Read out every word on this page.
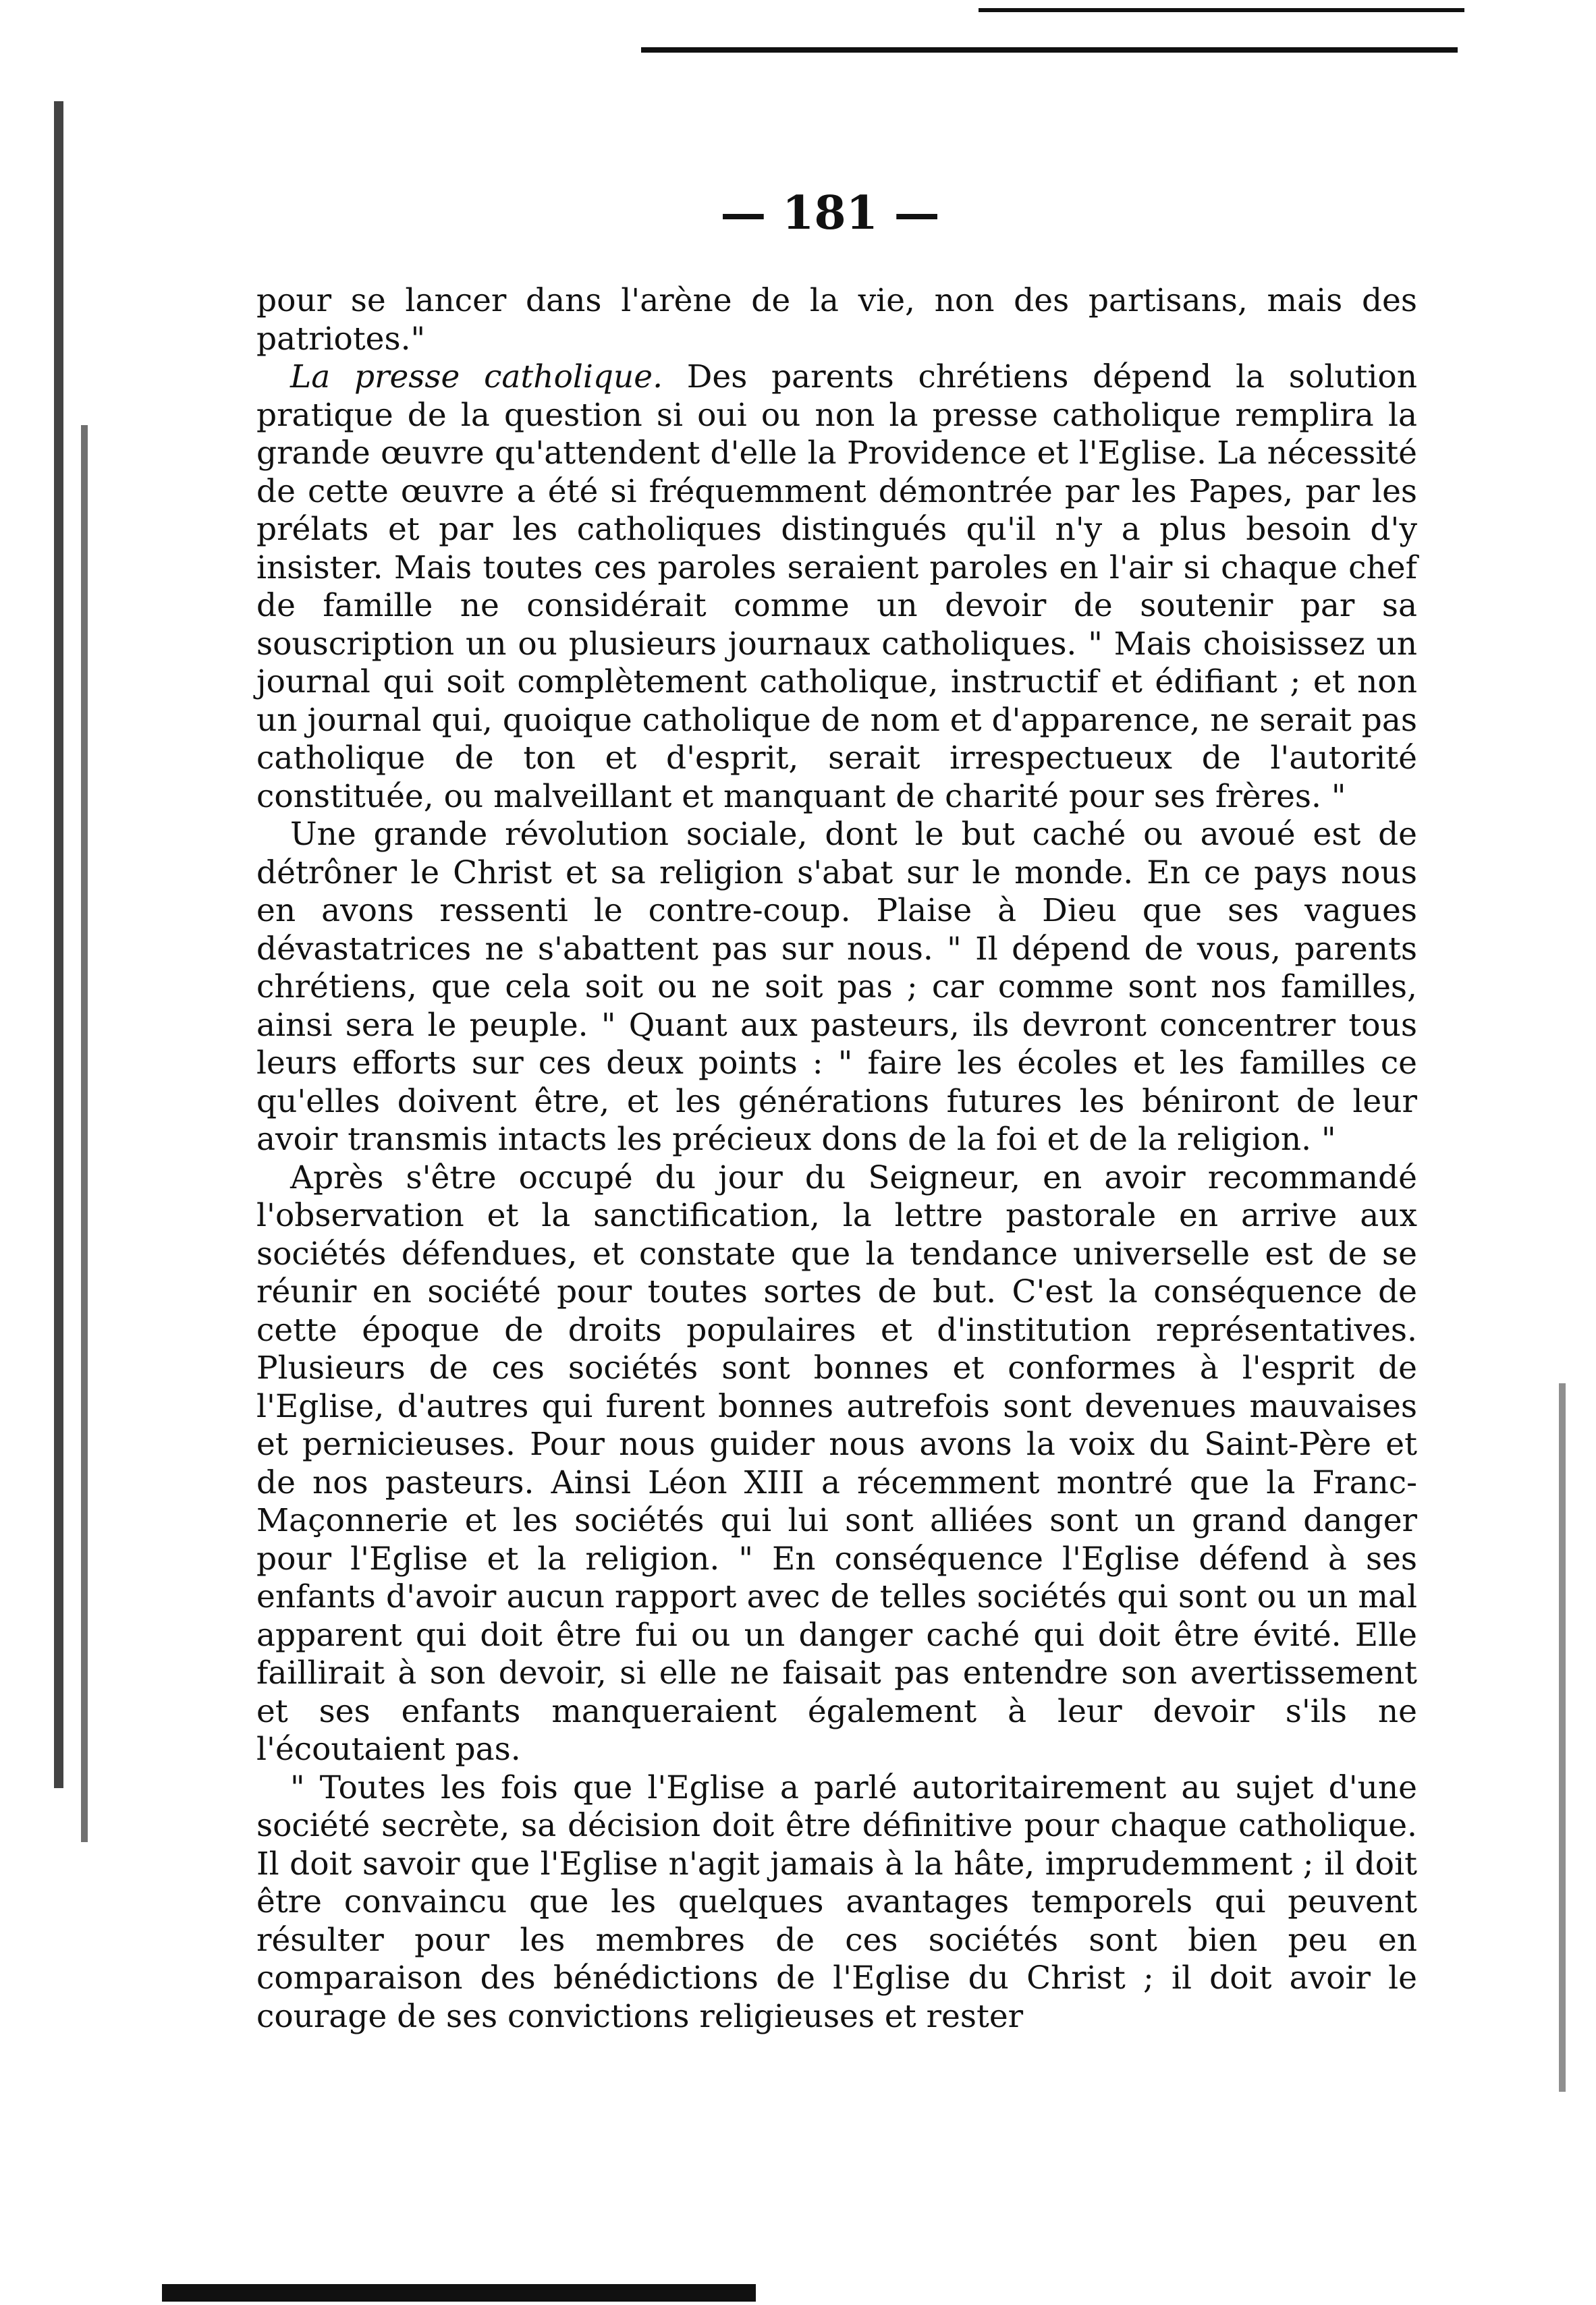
— 181 —

pour se lancer dans l'arène de la vie, non des partisans, mais des patriotes."

La presse catholique. Des parents chrétiens dépend la solution pratique de la question si oui ou non la presse catholique remplira la grande œuvre qu'attendent d'elle la Providence et l'Eglise. La nécessité de cette œuvre a été si fréquemment démontrée par les Papes, par les prélats et par les catholiques distingués qu'il n'y a plus besoin d'y insister. Mais toutes ces paroles seraient paroles en l'air si chaque chef de famille ne considérait comme un devoir de soutenir par sa souscription un ou plusieurs journaux catholiques. " Mais choisissez un journal qui soit complètement catholique, instructif et édifiant ; et non un journal qui, quoique catholique de nom et d'apparence, ne serait pas catholique de ton et d'esprit, serait irrespectueux de l'autorité constituée, ou malveillant et manquant de charité pour ses frères. "

Une grande révolution sociale, dont le but caché ou avoué est de détrôner le Christ et sa religion s'abat sur le monde. En ce pays nous en avons ressenti le contre-coup. Plaise à Dieu que ses vagues dévastatrices ne s'abattent pas sur nous. " Il dépend de vous, parents chrétiens, que cela soit ou ne soit pas ; car comme sont nos familles, ainsi sera le peuple. " Quant aux pasteurs, ils devront concentrer tous leurs efforts sur ces deux points : " faire les écoles et les familles ce qu'elles doivent être, et les générations futures les béniront de leur avoir transmis intacts les précieux dons de la foi et de la religion. "

Après s'être occupé du jour du Seigneur, en avoir recommandé l'observation et la sanctification, la lettre pastorale en arrive aux sociétés défendues, et constate que la tendance universelle est de se réunir en société pour toutes sortes de but. C'est la conséquence de cette époque de droits populaires et d'institution représentatives. Plusieurs de ces sociétés sont bonnes et conformes à l'esprit de l'Eglise, d'autres qui furent bonnes autrefois sont devenues mauvaises et pernicieuses. Pour nous guider nous avons la voix du Saint-Père et de nos pasteurs. Ainsi Léon XIII a récemment montré que la Franc-Maçonnerie et les sociétés qui lui sont alliées sont un grand danger pour l'Eglise et la religion. " En conséquence l'Eglise défend à ses enfants d'avoir aucun rapport avec de telles sociétés qui sont ou un mal apparent qui doit être fui ou un danger caché qui doit être évité. Elle faillirait à son devoir, si elle ne faisait pas entendre son avertissement et ses enfants manqueraient également à leur devoir s'ils ne l'écoutaient pas.

" Toutes les fois que l'Eglise a parlé autoritairement au sujet d'une société secrète, sa décision doit être définitive pour chaque catholique. Il doit savoir que l'Eglise n'agit jamais à la hâte, imprudemment ; il doit être convaincu que les quelques avantages temporels qui peuvent résulter pour les membres de ces sociétés sont bien peu en comparaison des bénédictions de l'Eglise du Christ ; il doit avoir le courage de ses convictions religieuses et rester
